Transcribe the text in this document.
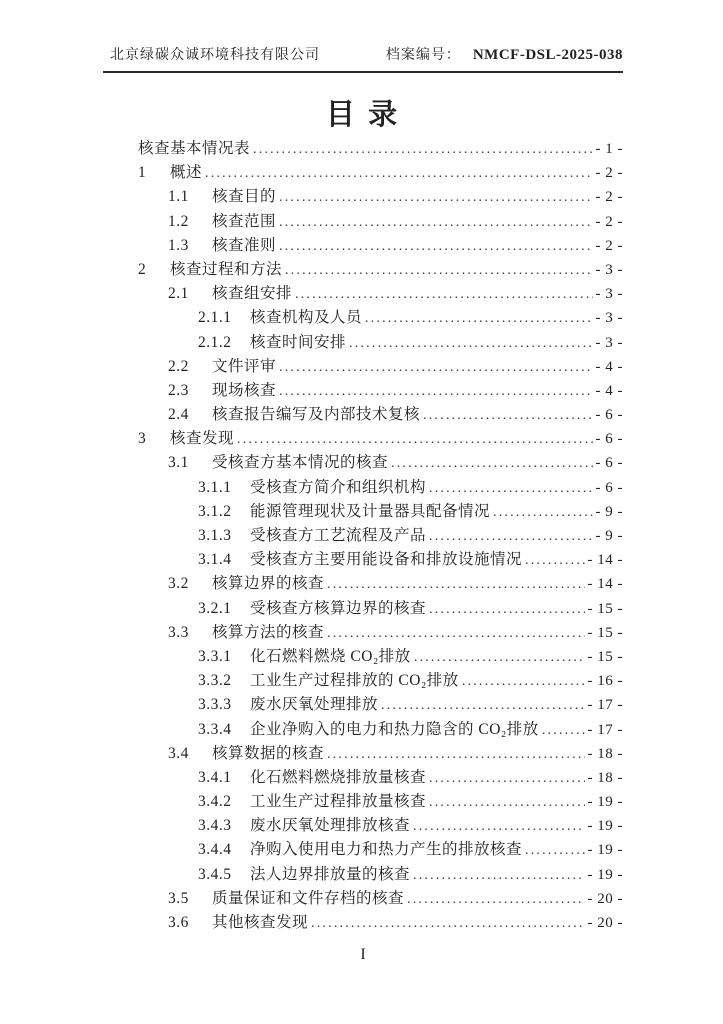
北京绿碳众诚环境科技有限公司	档案编号： NMCF-DSL-2025-038
目 录
核查基本情况表 .....	- 1 -
1	概述 .....	- 2 -
1.1	核查目的 .....	- 2 -
1.2	核查范围 .....	- 2 -
1.3	核查准则 .....	- 2 -
2	核查过程和方法 .....	- 3 -
2.1	核查组安排 .....	- 3 -
2.1.1	核查机构及人员 .....	- 3 -
2.1.2	核查时间安排 .....	- 3 -
2.2	文件评审 .....	- 4 -
2.3	现场核查 .....	- 4 -
2.4	核查报告编写及内部技术复核 .....	- 6 -
3	核查发现 .....	- 6 -
3.1	受核查方基本情况的核查 .....	- 6 -
3.1.1	受核查方简介和组织机构 .....	- 6 -
3.1.2	能源管理现状及计量器具配备情况 .....	- 9 -
3.1.3	受核查方工艺流程及产品 .....	- 9 -
3.1.4	受核查方主要用能设备和排放设施情况 .....	- 14 -
3.2	核算边界的核查 .....	- 14 -
3.2.1	受核查方核算边界的核查 .....	- 15 -
3.3	核算方法的核查 .....	- 15 -
3.3.1	化石燃料燃烧 CO₂排放 .....	- 15 -
3.3.2	工业生产过程排放的 CO₂排放 .....	- 16 -
3.3.3	废水厌氧处理排放 .....	- 17 -
3.3.4	企业净购入的电力和热力隐含的 CO₂排放 .....	- 17 -
3.4	核算数据的核查 .....	- 18 -
3.4.1	化石燃料燃烧排放量核查 .....	- 18 -
3.4.2	工业生产过程排放量核查 .....	- 19 -
3.4.3	废水厌氧处理排放核查 .....	- 19 -
3.4.4	净购入使用电力和热力产生的排放核查 .....	- 19 -
3.4.5	法人边界排放量的核查 .....	- 19 -
3.5	质量保证和文件存档的核查 .....	- 20 -
3.6	其他核查发现 .....	- 20 -
I
